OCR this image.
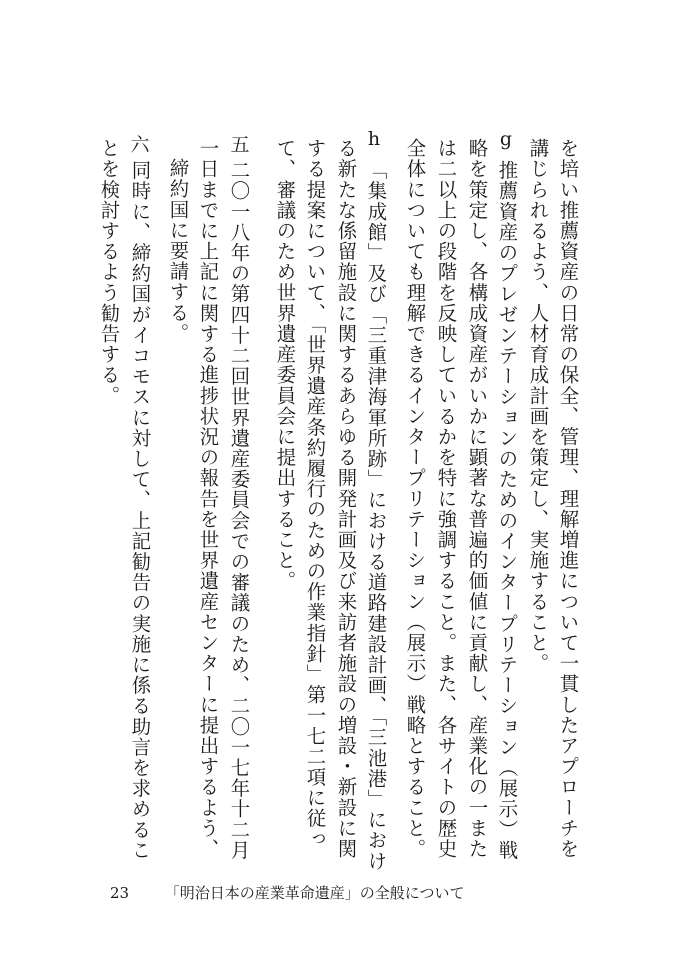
を培い推薦資産の日常の保全、管理、理解増進について一貫したアプローチを
講じられるよう、人材育成計画を策定し、実施すること。
g
推薦資産のプレゼンテーションのためのインタープリテーション（展示）戦
略を策定し、各構成資産がいかに顕著な普遍的価値に貢献し、産業化の一また
は二以上の段階を反映しているかを特に強調すること。また、各サイトの歴史
全体についても理解できるインタープリテーション（展示）戦略とすること。
h
「集成館」及び「三重津海軍所跡」における道路建設計画、「三池港」におけ
る新たな係留施設に関するあらゆる開発計画及び来訪者施設の増設・新設に関
する提案について、「世界遺産条約履行のための作業指針」第一七二項に従っ
て、審議のため世界遺産委員会に提出すること。
五
二〇一八年の第四十二回世界遺産委員会での審議のため、二〇一七年十二月
一日までに上記に関する進捗状況の報告を世界遺産センターに提出するよう、
締約国に要請する。
六
同時に、締約国がイコモスに対して、上記勧告の実施に係る助言を求めるこ
とを検討するよう勧告する。
23 「明治日本の産業革命遺産」の全般について
